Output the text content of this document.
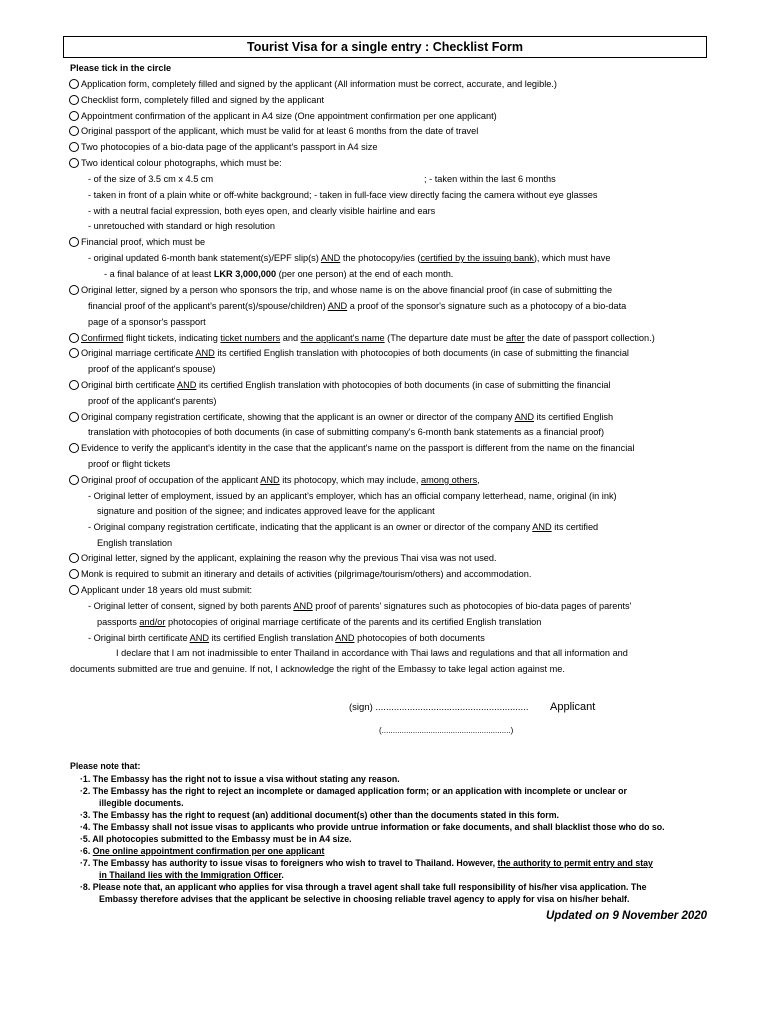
Tourist Visa for a single entry : Checklist Form
Please tick in the circle
Application form, completely filled and signed by the applicant (All information must be correct, accurate, and legible.)
Checklist form, completely filled and signed by the applicant
Appointment confirmation of the applicant in A4 size (One appointment confirmation per one applicant)
Original passport of the applicant, which must be valid for at least 6 months from the date of travel
Two photocopies of a bio-data page of the applicant's passport in A4 size
Two identical colour photographs, which must be:
- of the size of 3.5 cm x 4.5 cm	; - taken within the last 6 months
- taken in front of a plain white or off-white background; - taken in full-face view directly facing the camera without eye glasses
- with a neutral facial expression, both eyes open, and clearly visible hairline and ears
- unretouched with standard or high resolution
Financial proof, which must be
- original updated 6-month bank statement(s)/EPF slip(s) AND the photocopy/ies (certified by the issuing bank), which must have
- a final balance of at least LKR 3,000,000 (per one person) at the end of each month.
Original letter, signed by a person who sponsors the trip, and whose name is on the above financial proof (in case of submitting the
financial proof of the applicant's parent(s)/spouse/children) AND a proof of the sponsor's signature such as a photocopy of a bio-data
page of a sponsor's passport
Confirmed flight tickets, indicating ticket numbers and the applicant's name (The departure date must be after the date of passport collection.)
Original marriage certificate AND its certified English translation with photocopies of both documents (in case of submitting the financial
proof of the applicant's spouse)
Original birth certificate AND its certified English translation with photocopies of both documents (in case of submitting the financial
proof of the applicant's parents)
Original company registration certificate, showing that the applicant is an owner or director of the company AND its certified English
translation with photocopies of both documents (in case of submitting company's 6-month bank statements as a financial proof)
Evidence to verify the applicant's identity in the case that the applicant's name on the passport is different from the name on the financial
proof or flight tickets
Original proof of occupation of the applicant AND its photocopy, which may include, among others,
- Original letter of employment, issued by an applicant's employer, which has an official company letterhead, name, original (in ink)
signature and position of the signee; and indicates approved leave for the applicant
- Original company registration certificate, indicating that the applicant is an owner or director of the company AND its certified
English translation
Original letter, signed by the applicant, explaining the reason why the previous Thai visa was not used.
Monk is required to submit an itinerary and details of activities (pilgrimage/tourism/others) and accommodation.
Applicant under 18 years old must submit:
- Original letter of consent, signed by both parents AND proof of parents' signatures such as photocopies of bio-data pages of parents'
passports and/or photocopies of original marriage certificate of the parents and its certified English translation
- Original birth certificate AND its certified English translation AND photocopies of both documents
I declare that I am not inadmissible to enter Thailand in accordance with Thai laws and regulations and that all information and
documents submitted are true and genuine. If not, I acknowledge the right of the Embassy to take legal action against me.
(sign) .......................................................... Applicant
(..........................................................)
Please note that:
·1. The Embassy has the right not to issue a visa without stating any reason.
·2. The Embassy has the right to reject an incomplete or damaged application form; or an application with incomplete or unclear or
illegible documents.
·3. The Embassy has the right to request (an) additional document(s) other than the documents stated in this form.
·4. The Embassy shall not issue visas to applicants who provide untrue information or fake documents, and shall blacklist those who do so.
·5. All photocopies submitted to the Embassy must be in A4 size.
·6. One online appointment confirmation per one applicant
·7. The Embassy has authority to issue visas to foreigners who wish to travel to Thailand. However, the authority to permit entry and stay
in Thailand lies with the Immigration Officer.
·8. Please note that, an applicant who applies for visa through a travel agent shall take full responsibility of his/her visa application. The
Embassy therefore advises that the applicant be selective in choosing reliable travel agency to apply for visa on his/her behalf.
Updated on 9 November 2020
